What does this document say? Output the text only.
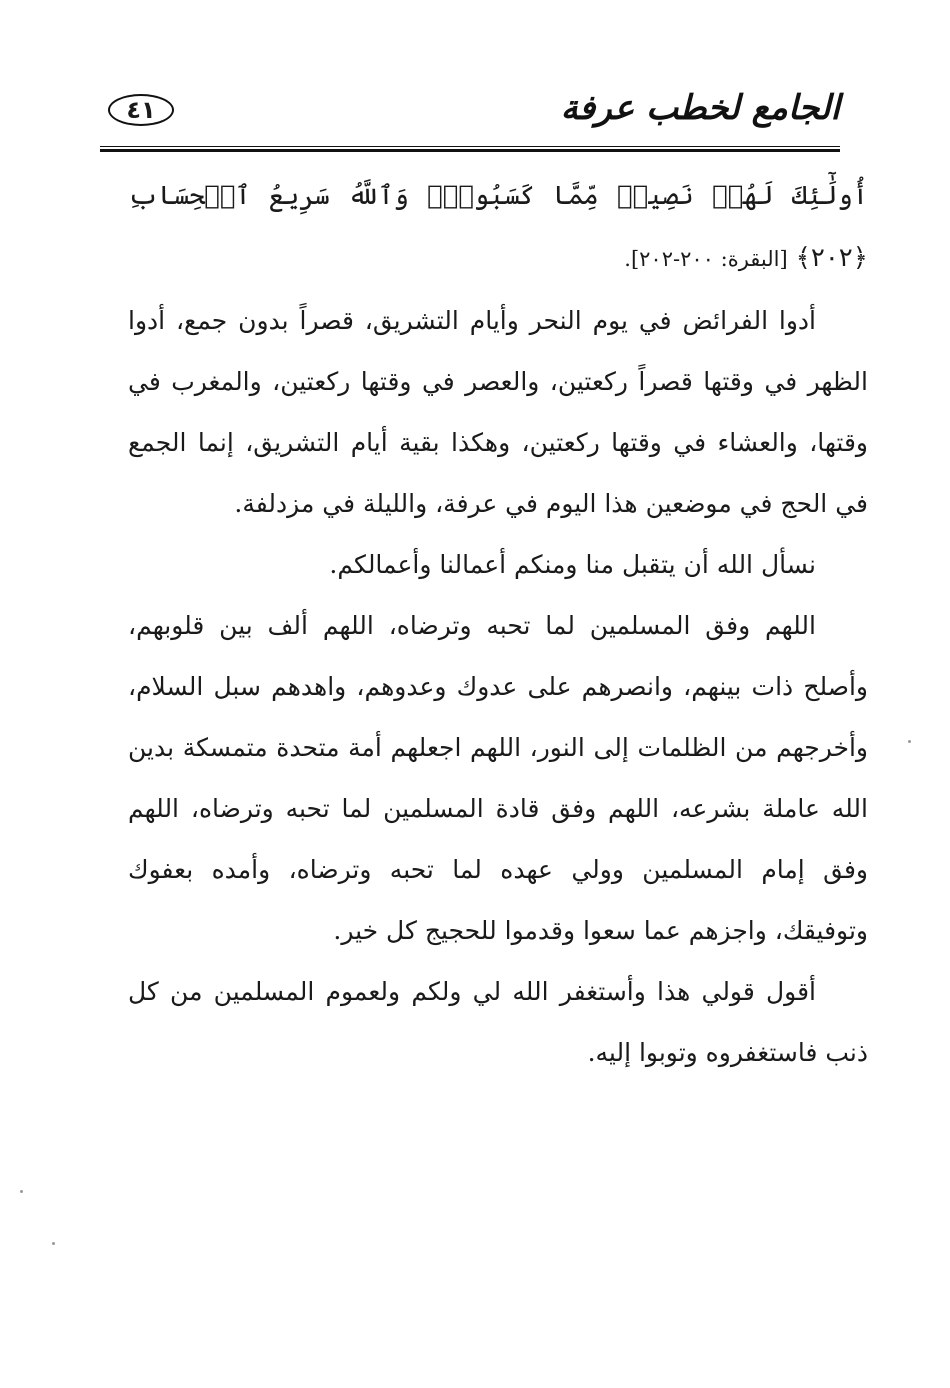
الجامع لخطب عرفة
٤١

أُولَٰٓئِكَ لَهُمۡ نَصِيبٞ مِّمَّا كَسَبُواْۚ وَٱللَّهُ سَرِيعُ ٱلۡحِسَابِ ﴿٢٠٢﴾ [البقرة: ٢٠٠-٢٠٢].

أدوا الفرائض في يوم النحر وأيام التشريق، قصراً بدون جمع، أدوا الظهر في وقتها قصراً ركعتين، والعصر في وقتها ركعتين، والمغرب في وقتها، والعشاء في وقتها ركعتين، وهكذا بقية أيام التشريق، إنما الجمع في الحج في موضعين هذا اليوم في عرفة، والليلة في مزدلفة.

نسأل الله أن يتقبل منا ومنكم أعمالنا وأعمالكم.

اللهم وفق المسلمين لما تحبه وترضاه، اللهم ألف بين قلوبهم، وأصلح ذات بينهم، وانصرهم على عدوك وعدوهم، واهدهم سبل السلام، وأخرجهم من الظلمات إلى النور، اللهم اجعلهم أمة متحدة متمسكة بدين الله عاملة بشرعه، اللهم وفق قادة المسلمين لما تحبه وترضاه، اللهم وفق إمام المسلمين وولي عهده لما تحبه وترضاه، وأمده بعفوك وتوفيقك، واجزهم عما سعوا وقدموا للحجيج كل خير.

أقول قولي هذا وأستغفر الله لي ولكم ولعموم المسلمين من كل ذنب فاستغفروه وتوبوا إليه.
